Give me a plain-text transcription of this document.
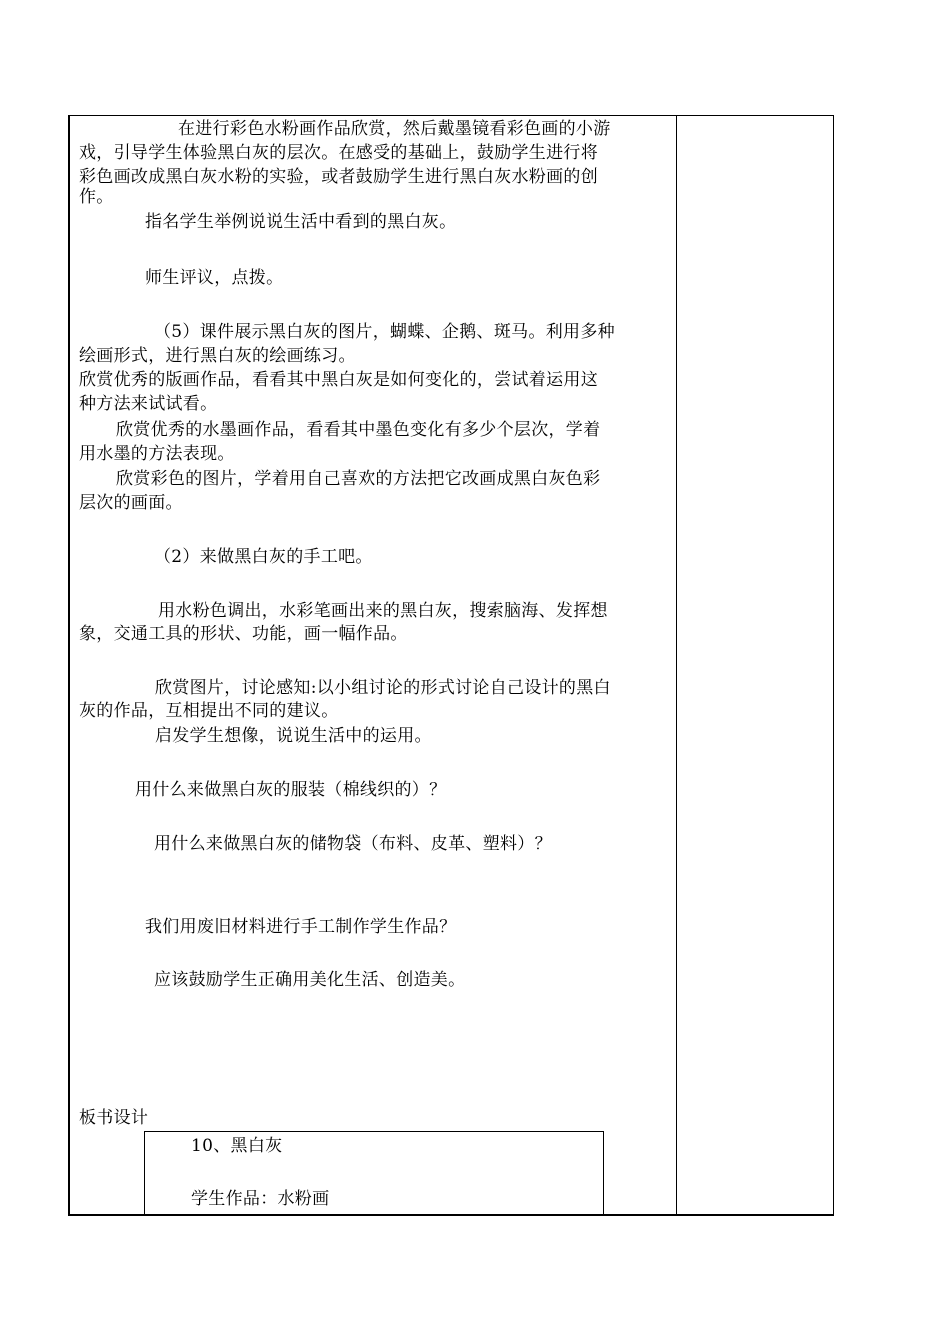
在进行彩色水粉画作品欣赏，然后戴墨镜看彩色画的小游
戏，引导学生体验黑白灰的层次。在感受的基础上，鼓励学生进行将
彩色画改成黑白灰水粉的实验，或者鼓励学生进行黑白灰水粉画的创
作。
指名学生举例说说生活中看到的黑白灰。
师生评议，点拨。
（5）课件展示黑白灰的图片，蝴蝶、企鹅、斑马。利用多种
绘画形式，进行黑白灰的绘画练习。
欣赏优秀的版画作品，看看其中黑白灰是如何变化的，尝试着运用这
种方法来试试看。
欣赏优秀的水墨画作品，看看其中墨色变化有多少个层次，学着
用水墨的方法表现。
欣赏彩色的图片，学着用自己喜欢的方法把它改画成黑白灰色彩
层次的画面。
（2）来做黑白灰的手工吧。
用水粉色调出，水彩笔画出来的黑白灰，搜索脑海、发挥想
象，交通工具的形状、功能，画一幅作品。
欣赏图片，讨论感知:以小组讨论的形式讨论自己设计的黑白
灰的作品，互相提出不同的建议。
启发学生想像，说说生活中的运用。
用什么来做黑白灰的服装（棉线织的）？
用什么来做黑白灰的储物袋（布料、皮革、塑料）？
我们用废旧材料进行手工制作学生作品？
应该鼓励学生正确用美化生活、创造美。
板书设计
10、黑白灰
学生作品：水粉画
